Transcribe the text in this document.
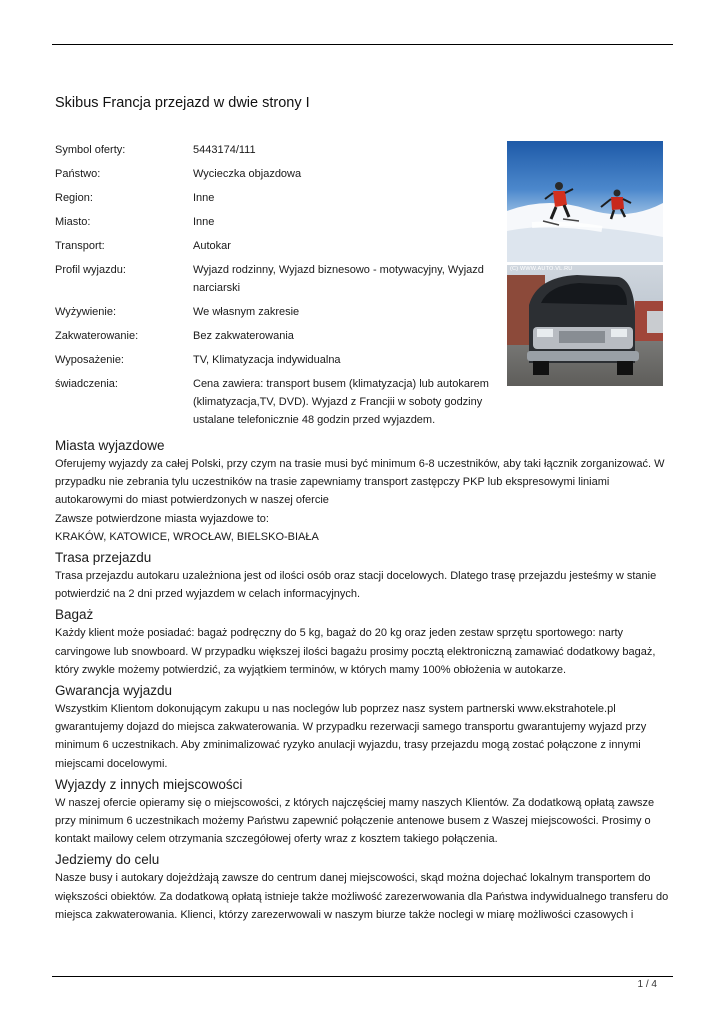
Skibus Francja przejazd w dwie strony I
Symbol oferty:	5443174/111
Państwo:	Wycieczka objazdowa
Region:	Inne
Miasto:	Inne
Transport:	Autokar
Profil wyjazdu:	Wyjazd rodzinny, Wyjazd biznesowo - motywacyjny, Wyjazd
narciarski
Wyżywienie:	We własnym zakresie
Zakwaterowanie:	Bez zakwaterowania
Wyposażenie:	TV, Klimatyzacja indywidualna
świadczenia:	Cena zawiera: transport busem (klimatyzacja) lub autokarem
(klimatyzacja,TV, DVD). Wyjazd z Francjii w soboty godziny
ustalane telefonicznie 48 godzin przed wyjazdem.
(C) WWW.AUTO.VL.RU
Miasta wyjazdowe
Oferujemy wyjazdy za całej Polski, przy czym na trasie musi być minimum 6-8 uczestników, aby taki łącznik zorganizować. W
przypadku nie zebrania tylu uczestników na trasie zapewniamy transport zastępczy PKP lub ekspresowymi liniami
autokarowymi do miast potwierdzonych w naszej ofercie
Zawsze potwierdzone miasta wyjazdowe to:
KRAKÓW, KATOWICE, WROCŁAW, BIELSKO-BIAŁA
Trasa przejazdu
Trasa przejazdu autokaru uzależniona jest od ilości osób oraz stacji docelowych. Dlatego trasę przejazdu jesteśmy w stanie
potwierdzić na 2 dni przed wyjazdem w celach informacyjnych.
Bagaż
Każdy klient może posiadać: bagaż podręczny do 5 kg, bagaż do 20 kg oraz jeden zestaw sprzętu sportowego: narty
carvingowe lub snowboard. W przypadku większej ilości bagażu prosimy pocztą elektroniczną zamawiać dodatkowy bagaż,
który zwykle możemy potwierdzić, za wyjątkiem terminów, w których mamy 100% obłożenia w autokarze.
Gwarancja wyjazdu
Wszystkim Klientom dokonującym zakupu u nas noclegów lub poprzez nasz system partnerski www.ekstrahotele.pl
gwarantujemy dojazd do miejsca zakwaterowania. W przypadku rezerwacji samego transportu gwarantujemy wyjazd przy
minimum 6 uczestnikach. Aby zminimalizować ryzyko anulacji wyjazdu, trasy przejazdu mogą zostać połączone z innymi
miejscami docelowymi.
Wyjazdy z innych miejscowości
W naszej ofercie opieramy się o miejscowości, z których najczęściej mamy naszych Klientów. Za dodatkową opłatą zawsze
przy minimum 6 uczestnikach możemy Państwu zapewnić połączenie antenowe busem z Waszej miejscowości. Prosimy o
kontakt mailowy celem otrzymania szczegółowej oferty wraz z kosztem takiego połączenia.
Jedziemy do celu
Nasze busy i autokary dojeżdżają zawsze do centrum danej miejscowości, skąd można dojechać lokalnym transportem do
większości obiektów. Za dodatkową opłatą istnieje także możliwość zarezerwowania dla Państwa indywidualnego transferu do
miejsca zakwaterowania. Klienci, którzy zarezerwowali w naszym biurze także noclegi w miarę możliwości czasowych i
1 / 4
